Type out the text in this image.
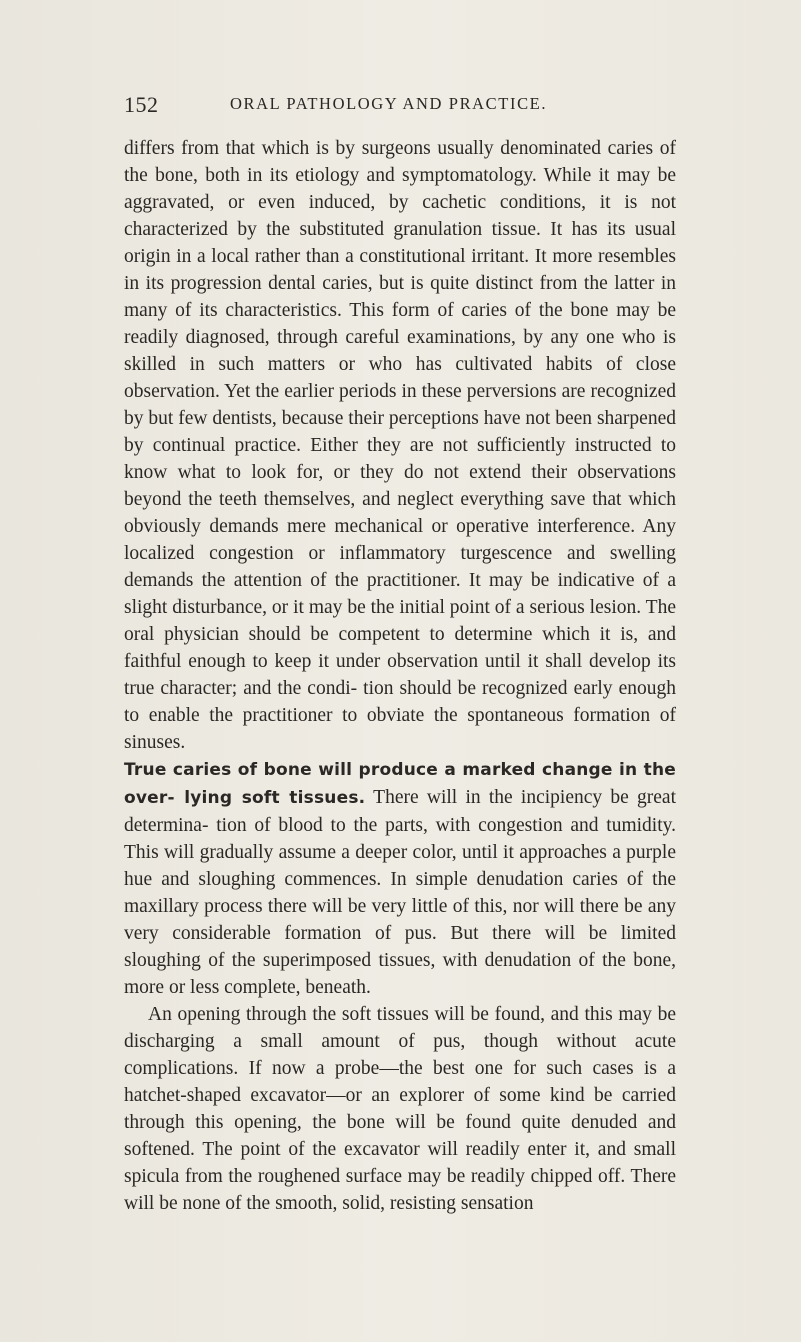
152	ORAL PATHOLOGY AND PRACTICE.

differs from that which is by surgeons usually denominated caries of the bone, both in its etiology and symptomatology. While it may be aggravated, or even induced, by cachetic conditions, it is not characterized by the substituted granulation tissue. It has its usual origin in a local rather than a constitutional irritant. It more resembles in its progression dental caries, but is quite distinct from the latter in many of its characteristics. This form of caries of the bone may be readily diagnosed, through careful examinations, by any one who is skilled in such matters or who has cultivated habits of close observation. Yet the earlier periods in these perversions are recognized by but few dentists, because their perceptions have not been sharpened by continual practice. Either they are not sufficiently instructed to know what to look for, or they do not extend their observations beyond the teeth themselves, and neglect everything save that which obviously demands mere mechanical or operative interference. Any localized congestion or inflammatory turgescence and swelling demands the attention of the practitioner. It may be indicative of a slight disturbance, or it may be the initial point of a serious lesion. The oral physician should be competent to determine which it is, and faithful enough to keep it under observation until it shall develop its true character; and the condi- tion should be recognized early enough to enable the practitioner to obviate the spontaneous formation of sinuses.

True caries of bone will produce a marked change in the over- lying soft tissues. There will in the incipiency be great determina- tion of blood to the parts, with congestion and tumidity. This will gradually assume a deeper color, until it approaches a purple hue and sloughing commences. In simple denudation caries of the maxillary process there will be very little of this, nor will there be any very considerable formation of pus. But there will be limited sloughing of the superimposed tissues, with denudation of the bone, more or less complete, beneath.

An opening through the soft tissues will be found, and this may be discharging a small amount of pus, though without acute complications. If now a probe—the best one for such cases is a hatchet-shaped excavator—or an explorer of some kind be carried through this opening, the bone will be found quite denuded and softened. The point of the excavator will readily enter it, and small spicula from the roughened surface may be readily chipped off. There will be none of the smooth, solid, resisting sensation
